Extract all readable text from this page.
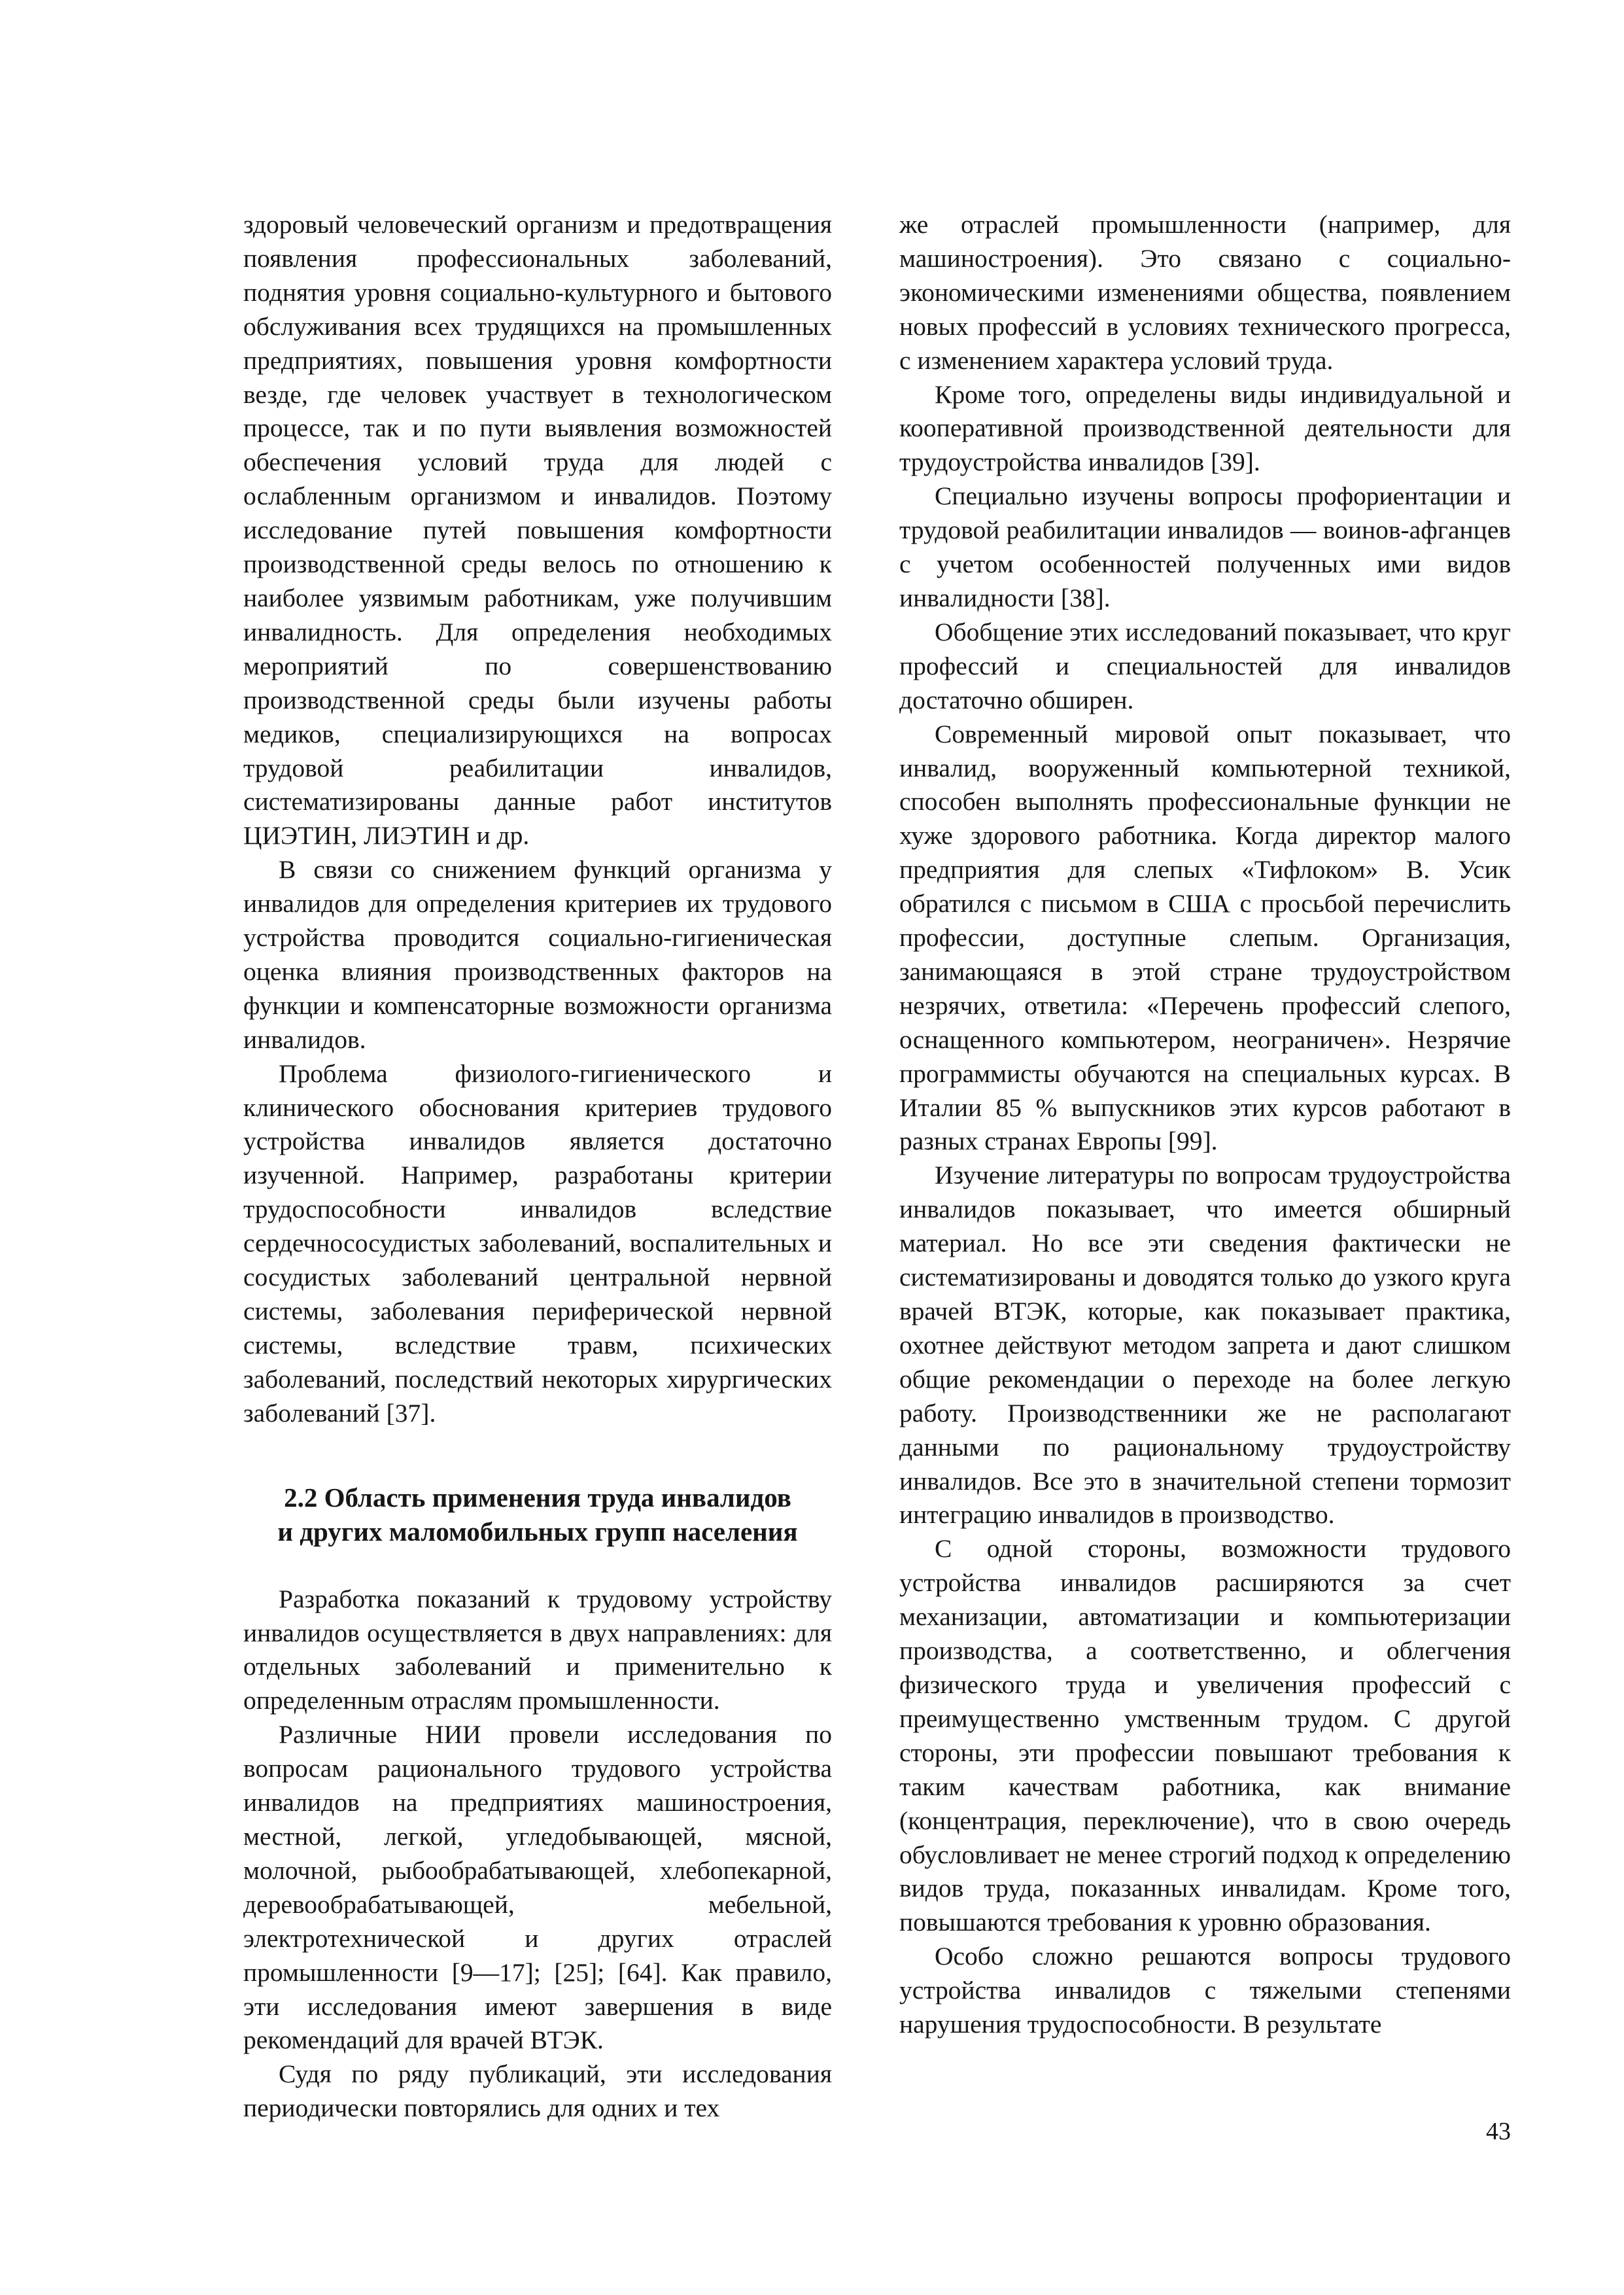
здоровый человеческий организм и предотвращения появления профессиональных заболеваний, поднятия уровня социально-культурного и бытового обслуживания всех трудящихся на промышленных предприятиях, повышения уровня комфортности везде, где человек участвует в технологическом процессе, так и по пути выявления возможностей обеспечения условий труда для людей с ослабленным организмом и инвалидов. Поэтому исследование путей повышения комфортности производственной среды велось по отношению к наиболее уязвимым работникам, уже получившим инвалидность. Для определения необходимых мероприятий по совершенствованию производственной среды были изучены работы медиков, специализирующихся на вопросах трудовой реабилитации инвалидов, систематизированы данные работ институтов ЦИЭТИН, ЛИЭТИН и др.

В связи со снижением функций организма у инвалидов для определения критериев их трудового устройства проводится социально-гигиеническая оценка влияния производственных факторов на функции и компенсаторные возможности организма инвалидов.

Проблема физиолого-гигиенического и клинического обоснования критериев трудового устройства инвалидов является достаточно изученной. Например, разработаны критерии трудоспособности инвалидов вследствие сердечнососудистых заболеваний, воспалительных и сосудистых заболеваний центральной нервной системы, заболевания периферической нервной системы, вследствие травм, психических заболеваний, последствий некоторых хирургических заболеваний [37].

2.2 Область применения труда инвалидов
и других маломобильных групп населения

Разработка показаний к трудовому устройству инвалидов осуществляется в двух направлениях: для отдельных заболеваний и применительно к определенным отраслям промышленности.

Различные НИИ провели исследования по вопросам рационального трудового устройства инвалидов на предприятиях машиностроения, местной, легкой, угледобывающей, мясной, молочной, рыбообрабатывающей, хлебопекарной, деревообрабатывающей, мебельной, электротехнической и других отраслей промышленности [9—17]; [25]; [64]. Как правило, эти исследования имеют завершения в виде рекомендаций для врачей ВТЭК.

Судя по ряду публикаций, эти исследования периодически повторялись для одних и тех

же отраслей промышленности (например, для машиностроения). Это связано с социально-экономическими изменениями общества, появлением новых профессий в условиях технического прогресса, с изменением характера условий труда.

Кроме того, определены виды индивидуальной и кооперативной производственной деятельности для трудоустройства инвалидов [39].

Специально изучены вопросы профориентации и трудовой реабилитации инвалидов — воинов-афганцев с учетом особенностей полученных ими видов инвалидности [38].

Обобщение этих исследований показывает, что круг профессий и специальностей для инвалидов достаточно обширен.

Современный мировой опыт показывает, что инвалид, вооруженный компьютерной техникой, способен выполнять профессиональные функции не хуже здорового работника. Когда директор малого предприятия для слепых «Тифлоком» В. Усик обратился с письмом в США с просьбой перечислить профессии, доступные слепым. Организация, занимающаяся в этой стране трудоустройством незрячих, ответила: «Перечень профессий слепого, оснащенного компьютером, неограничен». Незрячие программисты обучаются на специальных курсах. В Италии 85 % выпускников этих курсов работают в разных странах Европы [99].

Изучение литературы по вопросам трудоустройства инвалидов показывает, что имеется обширный материал. Но все эти сведения фактически не систематизированы и доводятся только до узкого круга врачей ВТЭК, которые, как показывает практика, охотнее действуют методом запрета и дают слишком общие рекомендации о переходе на более легкую работу. Производственники же не располагают данными по рациональному трудоустройству инвалидов. Все это в значительной степени тормозит интеграцию инвалидов в производство.

С одной стороны, возможности трудового устройства инвалидов расширяются за счет механизации, автоматизации и компьютеризации производства, а соответственно, и облегчения физического труда и увеличения профессий с преимущественно умственным трудом. С другой стороны, эти профессии повышают требования к таким качествам работника, как внимание (концентрация, переключение), что в свою очередь обусловливает не менее строгий подход к определению видов труда, показанных инвалидам. Кроме того, повышаются требования к уровню образования.

Особо сложно решаются вопросы трудового устройства инвалидов с тяжелыми степенями нарушения трудоспособности. В результате

43
